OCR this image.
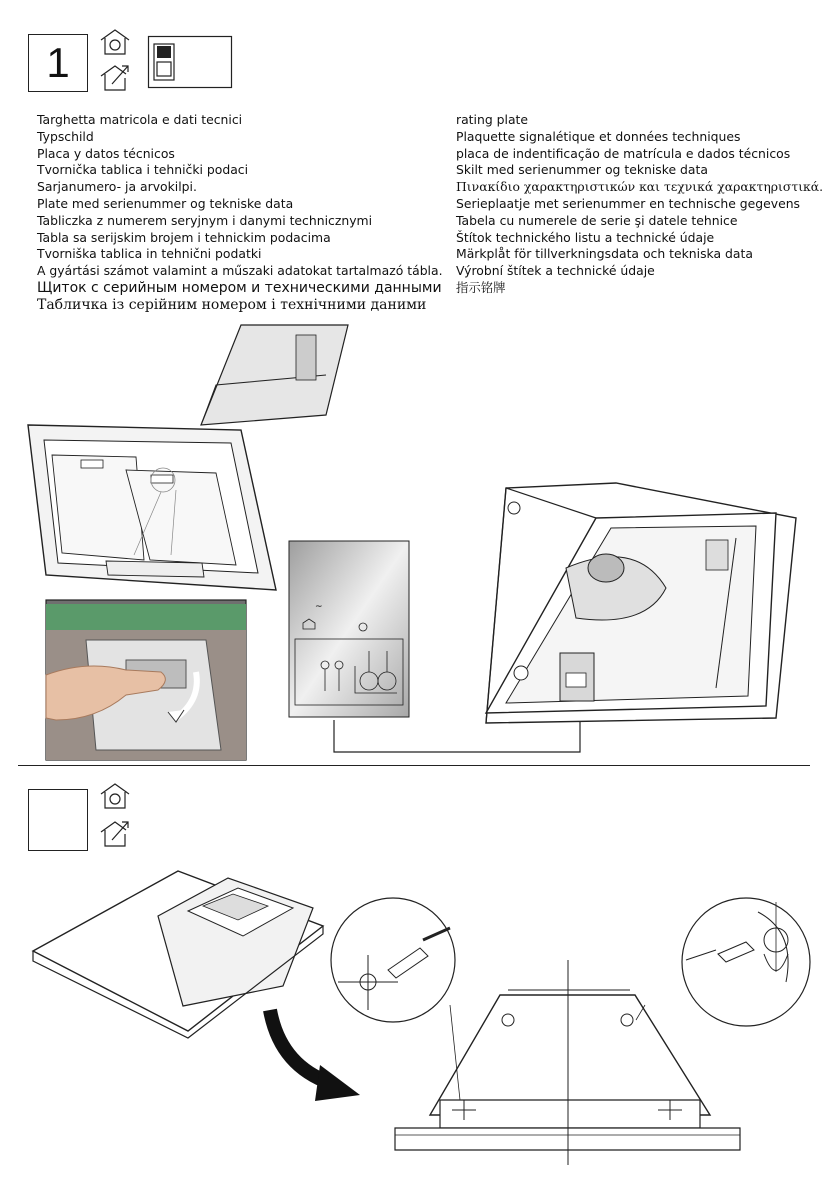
1
Targhetta matricola e dati tecnici
Typschild
Placa y datos técnicos
Tvornička tablica i tehnički podaci
Sarjanumero- ja arvokilpi.
Plate med serienummer og tekniske data
Tabliczka z numerem seryjnym i danymi technicznymi
Tabla sa serijskim brojem i tehnickim podacima
Tvorniška tablica in tehnični podatki
A gyártási számot valamint a műszaki adatokat tartalmazó tábla.
Щиток с серийным номером и техническими данными
Табличка із серійним номером і технічними даними
rating plate
Plaquette signalétique et données techniques
placa de indentificação de matrícula e dados técnicos
Skilt med serienummer og tekniske data
Πινακίδιο χαρακτηριστικών και τεχνικά χαρακτηριστικά.
Serieplaatje met serienummer en technische gegevens
Tabela cu numerele de serie şi datele tehnice
Štítok technického listu a technické údaje
Märkplåt för tillverkningsdata och tekniska data
Výrobní štítek a technické údaje
指示铭牌
~
